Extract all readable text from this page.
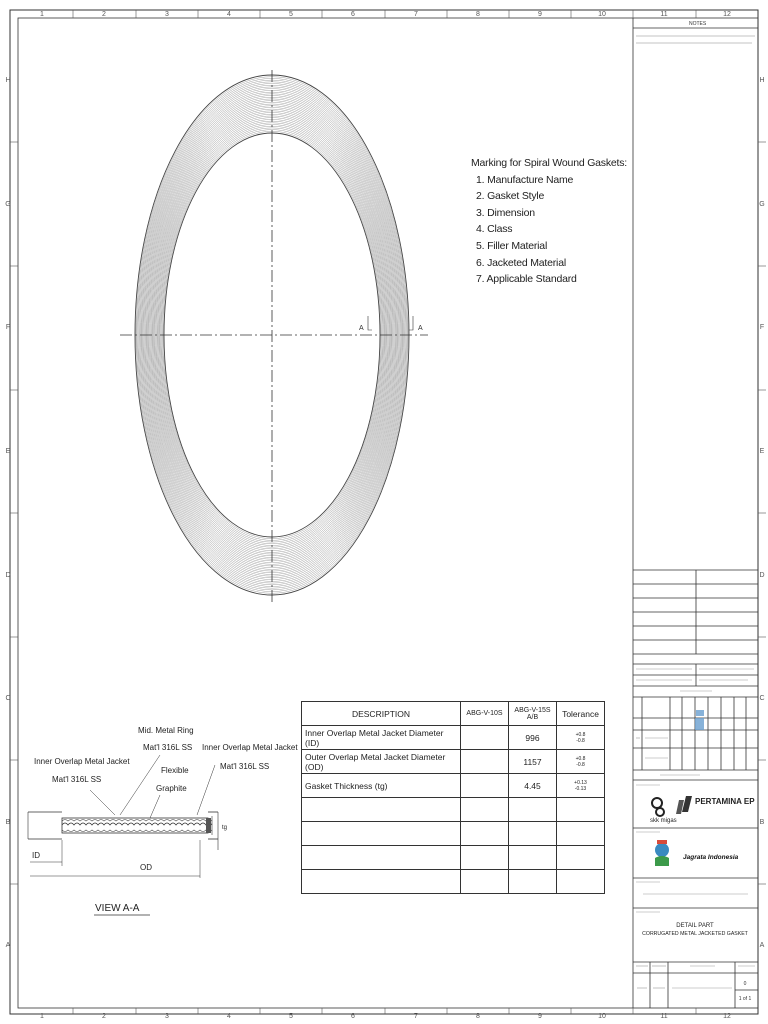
1	2	3	4	5	6	7	8	9	10	11	12
1	2	3	4	5	6	7	8	9	10	11	12
H
G
F
E
D
C
B
A
H
G
F
E
D
C
B
A
A	A
Mid. Metal Ring
Mat'l 316L SS
Inner Overlap Metal Jacket
Mat'l 316L SS
Inner Overlap Metal Jacket
Mat'l 316L SS
Flexible
Graphite
tg
ID
OD
VIEW A-A
NOTES
PERTAMINA EP
skk migas
Jagrata Indonesia
DETAIL PART
CORRUGATED METAL JACKETED GASKET
0
1 of 1
Marking for Spiral Wound Gaskets:
1. Manufacture Name
2. Gasket Style
3. Dimension
4. Class
5. Filler Material
6. Jacketed Material
7. Applicable Standard
DESCRIPTION	ABG-V-10S	ABG-V-15S A/B	Tolerance
Inner Overlap Metal Jacket Diameter (ID)		996	+0.8
-0.8

Outer Overlap Metal Jacket Diameter (OD)		1157	+0.8
-0.8

Gasket Thickness (tg)		4.45	+0.13
-0.13
